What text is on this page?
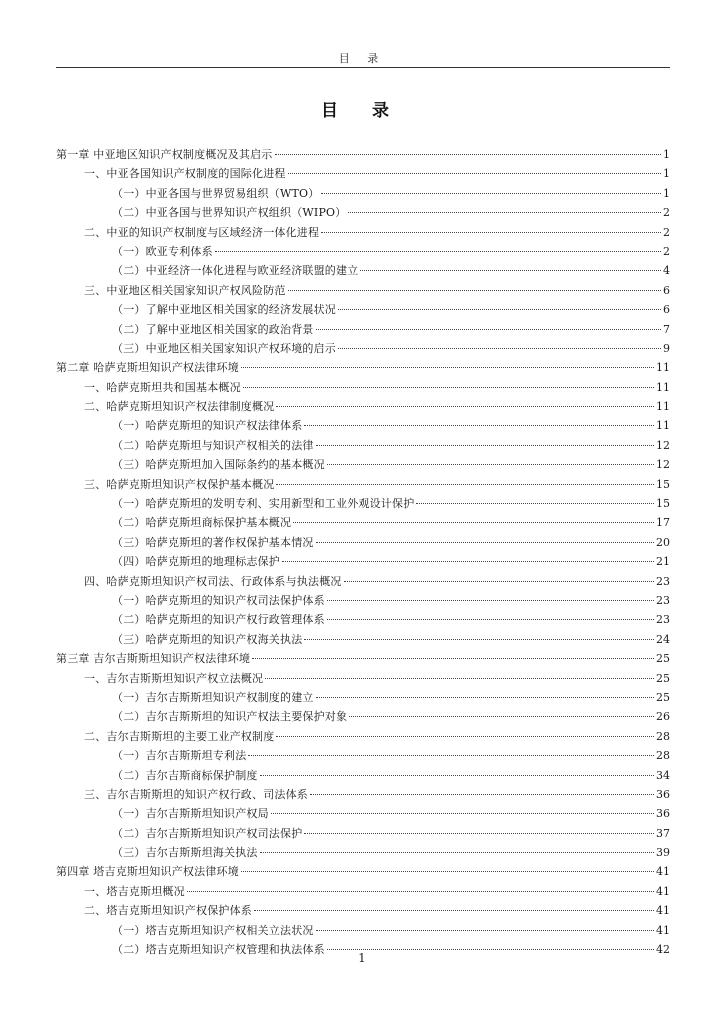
目 录
目 录
第一章 中亚地区知识产权制度概况及其启示	1
一、中亚各国知识产权制度的国际化进程	1
（一）中亚各国与世界贸易组织（WTO）	1
（二）中亚各国与世界知识产权组织（WIPO）	2
二、中亚的知识产权制度与区域经济一体化进程	2
（一）欧亚专利体系	2
（二）中亚经济一体化进程与欧亚经济联盟的建立	4
三、中亚地区相关国家知识产权风险防范	6
（一）了解中亚地区相关国家的经济发展状况	6
（二）了解中亚地区相关国家的政治背景	7
（三）中亚地区相关国家知识产权环境的启示	9
第二章 哈萨克斯坦知识产权法律环境	11
一、哈萨克斯坦共和国基本概况	11
二、哈萨克斯坦知识产权法律制度概况	11
（一）哈萨克斯坦的知识产权法律体系	11
（二）哈萨克斯坦与知识产权相关的法律	12
（三）哈萨克斯坦加入国际条约的基本概况	12
三、哈萨克斯坦知识产权保护基本概况	15
（一）哈萨克斯坦的发明专利、实用新型和工业外观设计保护	15
（二）哈萨克斯坦商标保护基本概况	17
（三）哈萨克斯坦的著作权保护基本情况	20
（四）哈萨克斯坦的地理标志保护	21
四、哈萨克斯坦知识产权司法、行政体系与执法概况	23
（一）哈萨克斯坦的知识产权司法保护体系	23
（二）哈萨克斯坦的知识产权行政管理体系	23
（三）哈萨克斯坦的知识产权海关执法	24
第三章 吉尔吉斯斯坦知识产权法律环境	25
一、吉尔吉斯斯坦知识产权立法概况	25
（一）吉尔吉斯斯坦知识产权制度的建立	25
（二）吉尔吉斯斯坦的知识产权法主要保护对象	26
二、吉尔吉斯斯坦的主要工业产权制度	28
（一）吉尔吉斯斯坦专利法	28
（二）吉尔吉斯商标保护制度	34
三、吉尔吉斯斯坦的知识产权行政、司法体系	36
（一）吉尔吉斯斯坦知识产权局	36
（二）吉尔吉斯斯坦知识产权司法保护	37
（三）吉尔吉斯斯坦海关执法	39
第四章 塔吉克斯坦知识产权法律环境	41
一、塔吉克斯坦概况	41
二、塔吉克斯坦知识产权保护体系	41
（一）塔吉克斯坦知识产权相关立法状况	41
（二）塔吉克斯坦知识产权管理和执法体系	42
1
